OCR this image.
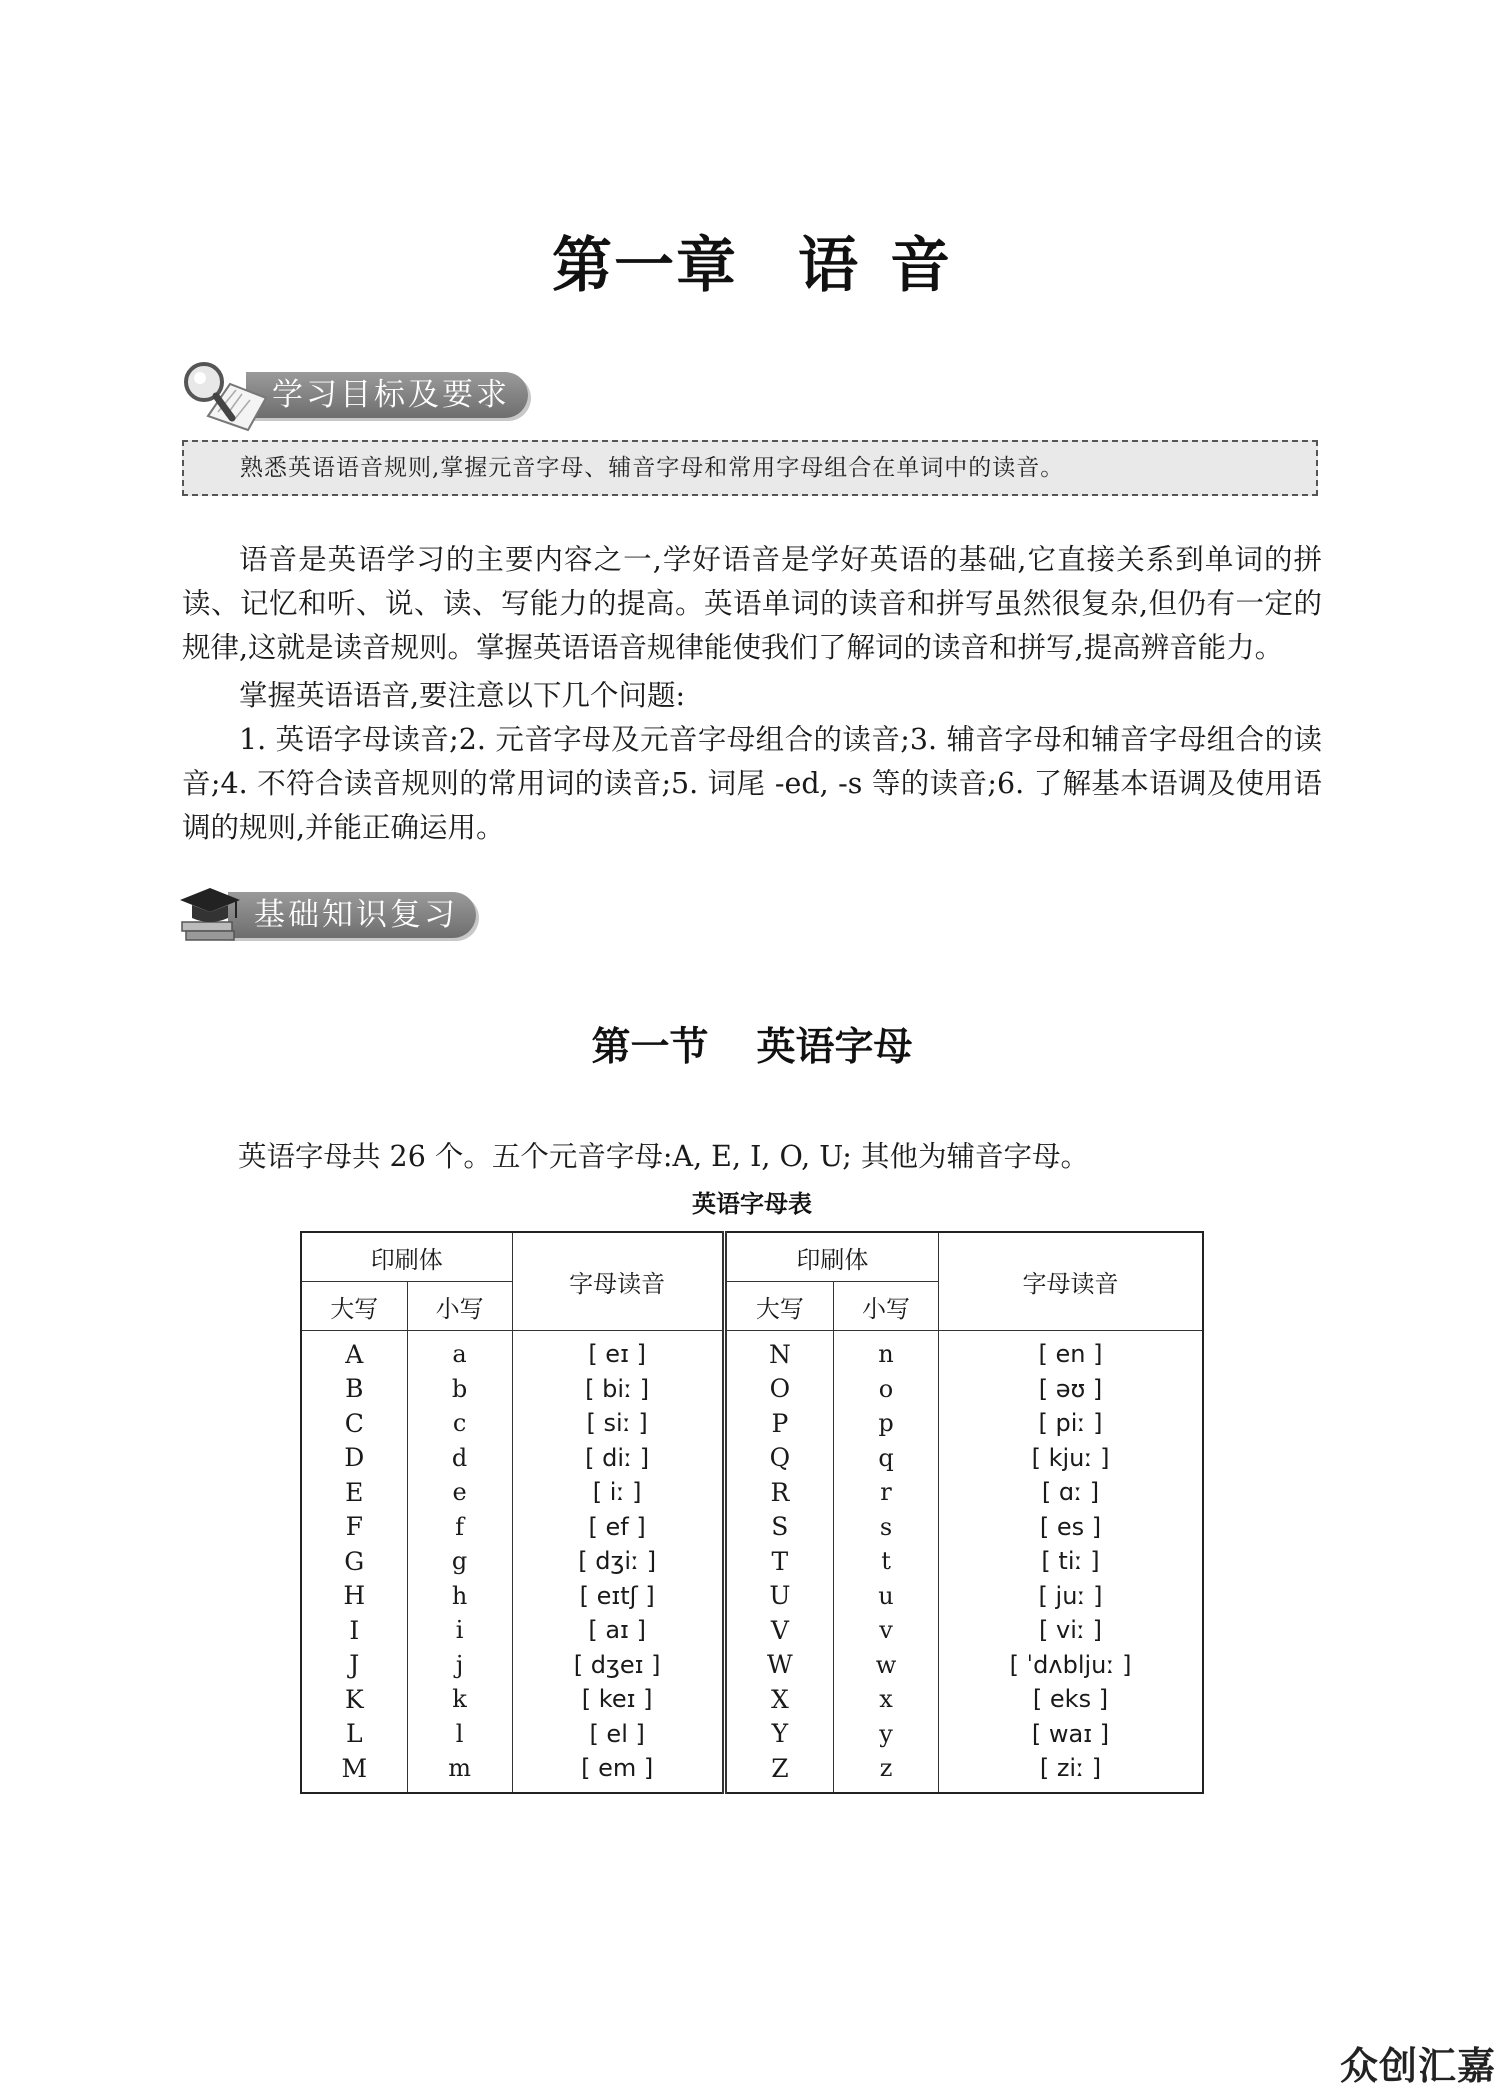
第一章 语 音
学习目标及要求
熟悉英语语音规则,掌握元音字母、辅音字母和常用字母组合在单词中的读音。
语音是英语学习的主要内容之一,学好语音是学好英语的基础,它直接关系到单词的拼读、记忆和听、说、读、写能力的提高。英语单词的读音和拼写虽然很复杂,但仍有一定的规律,这就是读音规则。掌握英语语音规律能使我们了解词的读音和拼写,提高辨音能力。
掌握英语语音,要注意以下几个问题:
1. 英语字母读音;2. 元音字母及元音字母组合的读音;3. 辅音字母和辅音字母组合的读音;4. 不符合读音规则的常用词的读音;5. 词尾 -ed, -s 等的读音;6. 了解基本语调及使用语调的规则,并能正确运用。
基础知识复习
第一节 英语字母
英语字母共 26 个。五个元音字母:A, E, I, O, U; 其他为辅音字母。
英语字母表
印刷体		字母读音	印刷体		字母读音
大写	小写		大写	小写	
A	a	[ eɪ ]	N	n	[ en ]
B	b	[ biː ]	O	o	[ əʊ ]
C	c	[ siː ]	P	p	[ piː ]
D	d	[ diː ]	Q	q	[ kjuː ]
E	e	[ iː ]	R	r	[ ɑː ]
F	f	[ ef ]	S	s	[ es ]
G	g	[ dʒiː ]	T	t	[ tiː ]
H	h	[ eɪtʃ ]	U	u	[ juː ]
I	i	[ aɪ ]	V	v	[ viː ]
J	j	[ dʒeɪ ]	W	w	[ ˈdʌbljuː ]
K	k	[ keɪ ]	X	x	[ eks ]
L	l	[ el ]	Y	y	[ waɪ ]
M	m	[ em ]	Z	z	[ ziː ]
众创汇嘉
